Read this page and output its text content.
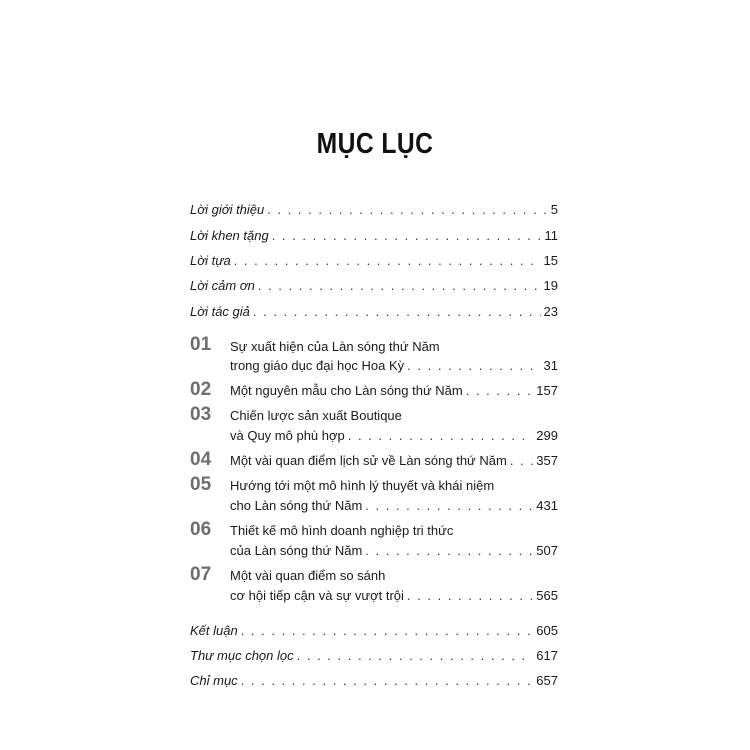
MỤC LỤC
Lời giới thiệu . . .	5
Lời khen tặng . . .	11
Lời tựa . . .	15
Lời cảm ơn . . .	19
Lời tác giả . . .	23
01 Sự xuất hiện của Làn sóng thứ Năm
trong giáo dục đại học Hoa Kỳ . . .	31
02 Một nguyên mẫu cho Làn sóng thứ Năm . . .	157
03 Chiến lược sản xuất Boutique
và Quy mô phù hợp . . .	299
04 Một vài quan điểm lịch sử về Làn sóng thứ Năm . . . 357
05 Hướng tới một mô hình lý thuyết và khái niệm
cho Làn sóng thứ Năm . . .	431
06 Thiết kế mô hình doanh nghiệp tri thức
của Làn sóng thứ Năm . . .	507
07 Một vài quan điểm so sánh
cơ hội tiếp cận và sự vượt trội . . .	565
Kết luận . . .	605
Thư mục chọn lọc . . .	617
Chỉ mục . . .	657
